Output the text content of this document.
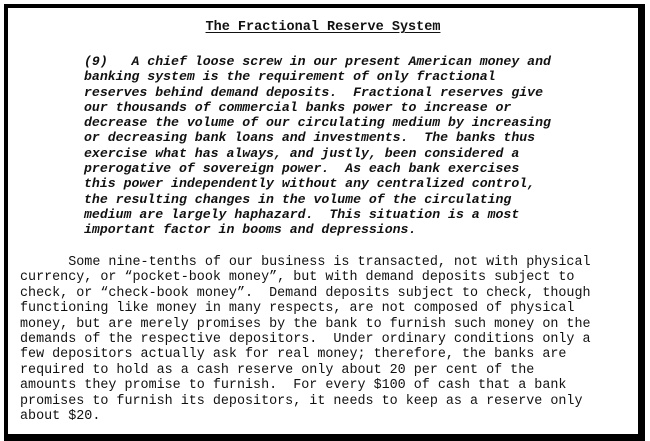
The Fractional Reserve System

(9)   A chief loose screw in our present American money and
banking system is the requirement of only fractional
reserves behind demand deposits.  Fractional reserves give
our thousands of commercial banks power to increase or
decrease the volume of our circulating medium by increasing
or decreasing bank loans and investments.  The banks thus
exercise what has always, and justly, been considered a
prerogative of sovereign power.  As each bank exercises
this power independently without any centralized control,
the resulting changes in the volume of the circulating
medium are largely haphazard.  This situation is a most
important factor in booms and depressions.

Some nine-tenths of our business is transacted, not with physical
currency, or “pocket-book money”, but with demand deposits subject to
check, or “check-book money”.  Demand deposits subject to check, though
functioning like money in many respects, are not composed of physical
money, but are merely promises by the bank to furnish such money on the
demands of the respective depositors.  Under ordinary conditions only a
few depositors actually ask for real money; therefore, the banks are
required to hold as a cash reserve only about 20 per cent of the
amounts they promise to furnish.  For every $100 of cash that a bank
promises to furnish its depositors, it needs to keep as a reserve only
about $20.
